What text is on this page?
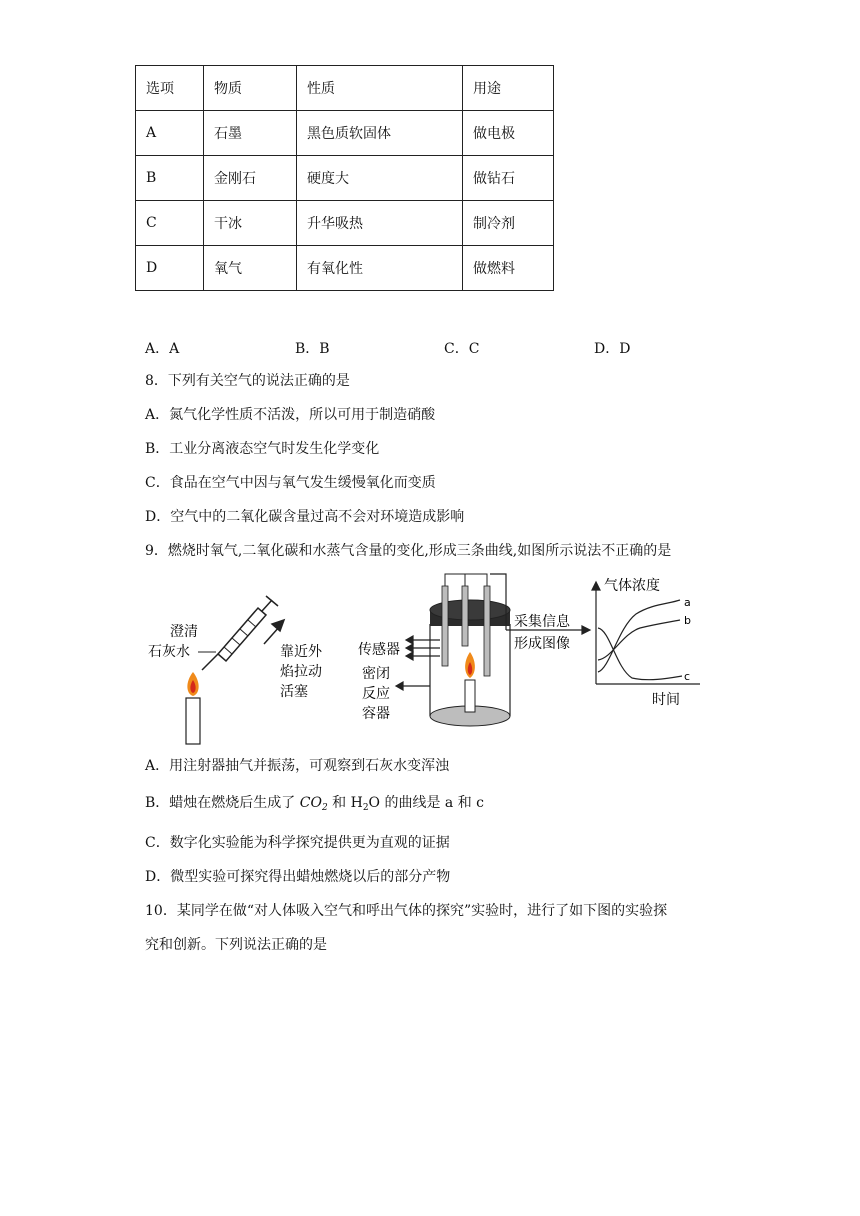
选项	物质	性质	用途
A	石墨	黑色质软固体	做电极
B	金刚石	硬度大	做钻石
C	干冰	升华吸热	制冷剂
D	氧气	有氧化性	做燃料
A．A	B．B	C．C	D．D
8．下列有关空气的说法正确的是
A．氮气化学性质不活泼，所以可用于制造硝酸
B．工业分离液态空气时发生化学变化
C．食品在空气中因与氧气发生缓慢氧化而变质
D．空气中的二氧化碳含量过高不会对环境造成影响
9．燃烧时氧气,二氧化碳和水蒸气含量的变化,形成三条曲线,如图所示说法不正确的是
澄清
石灰水	靠近外
焰拉动
活塞
传感器
密闭
反应
容器
采集信息
形成图像
气体浓度
时间
a
b
c
A．用注射器抽气并振荡，可观察到石灰水变浑浊
B．蜡烛在燃烧后生成了 $CO_2$ 和 $H_2O$ 的曲线是 a 和 c
C．数字化实验能为科学探究提供更为直观的证据
D．微型实验可探究得出蜡烛燃烧以后的部分产物
10．某同学在做“对人体吸入空气和呼出气体的探究”实验时，进行了如下图的实验探
究和创新。下列说法正确的是
